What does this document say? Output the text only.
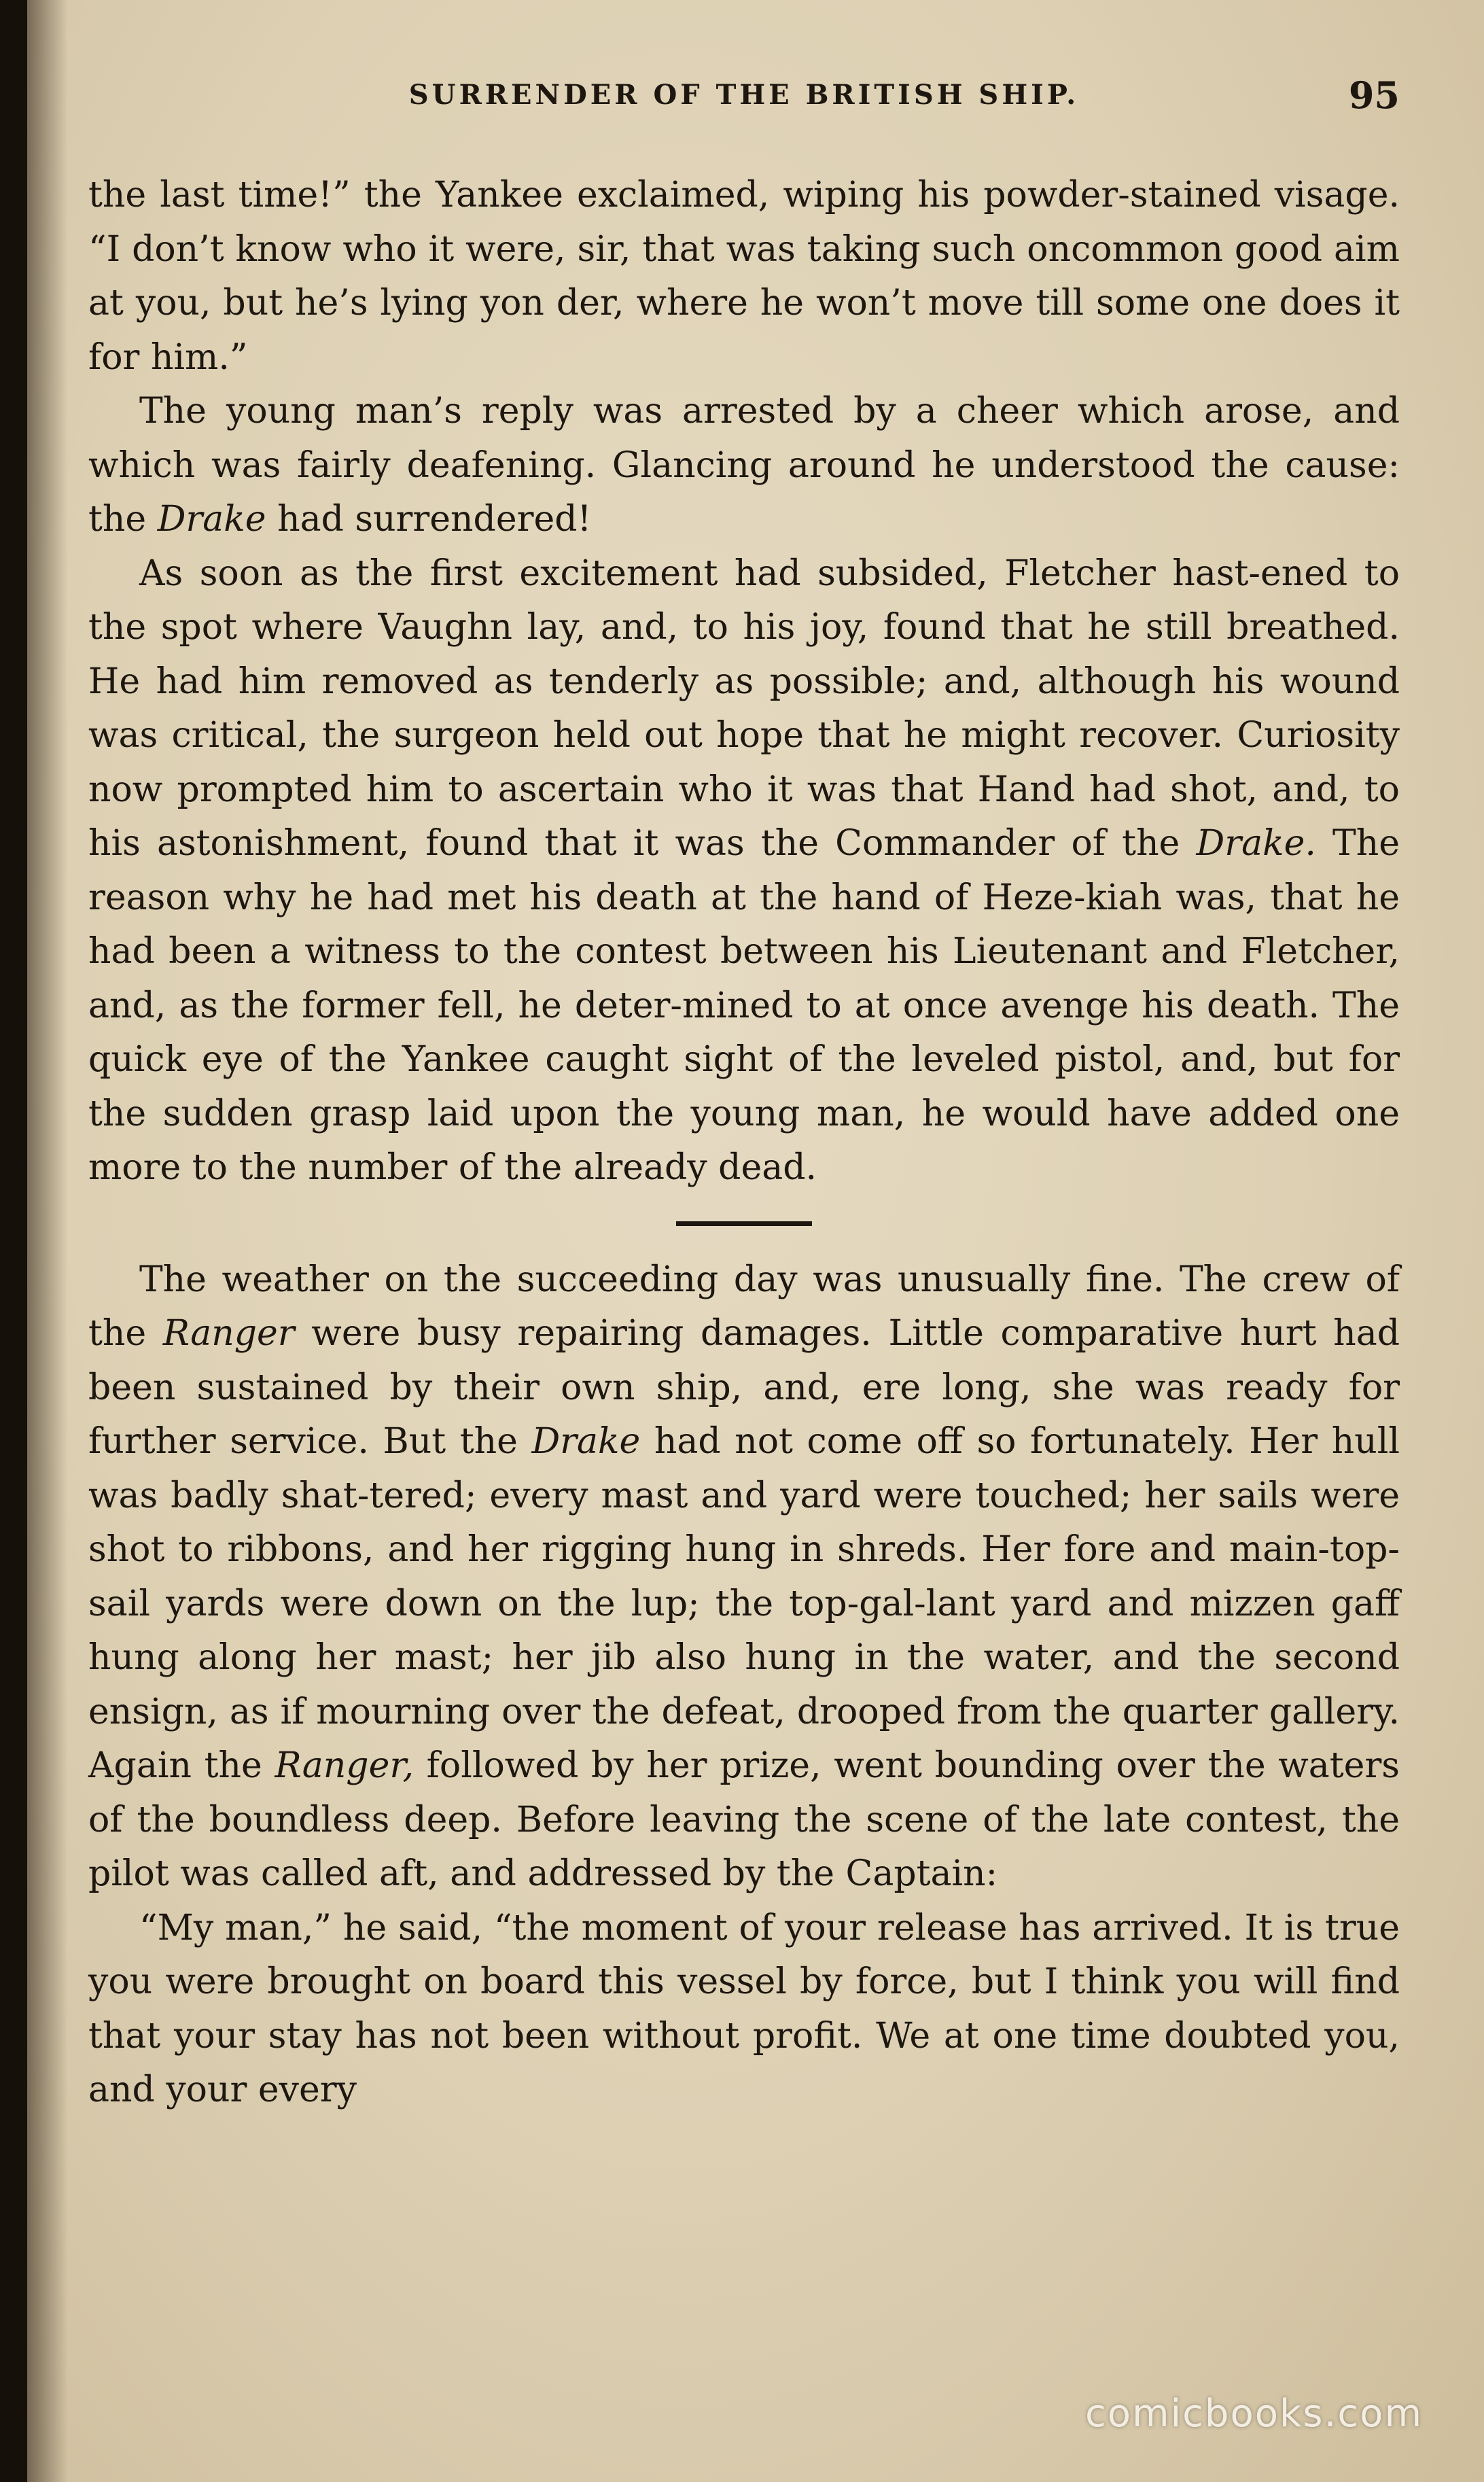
SURRENDER OF THE BRITISH SHIP.	95

the last time!” the Yankee exclaimed, wiping his powder-stained visage. “I don’t know who it were, sir, that was taking such oncommon good aim at you, but he’s lying yon der, where he won’t move till some one does it for him.”

The young man’s reply was arrested by a cheer which arose, and which was fairly deafening. Glancing around he understood the cause: the Drake had surrendered!

As soon as the first excitement had subsided, Fletcher hast-ened to the spot where Vaughn lay, and, to his joy, found that he still breathed. He had him removed as tenderly as possible; and, although his wound was critical, the surgeon held out hope that he might recover. Curiosity now prompted him to ascertain who it was that Hand had shot, and, to his astonishment, found that it was the Commander of the Drake. The reason why he had met his death at the hand of Heze-kiah was, that he had been a witness to the contest between his Lieutenant and Fletcher, and, as the former fell, he deter-mined to at once avenge his death. The quick eye of the Yankee caught sight of the leveled pistol, and, but for the sudden grasp laid upon the young man, he would have added one more to the number of the already dead.

The weather on the succeeding day was unusually fine. The crew of the Ranger were busy repairing damages. Little comparative hurt had been sustained by their own ship, and, ere long, she was ready for further service. But the Drake had not come off so fortunately. Her hull was badly shat-tered; every mast and yard were touched; her sails were shot to ribbons, and her rigging hung in shreds. Her fore and main-top-sail yards were down on the lup; the top-gal-lant yard and mizzen gaff hung along her mast; her jib also hung in the water, and the second ensign, as if mourning over the defeat, drooped from the quarter gallery. Again the Ranger, followed by her prize, went bounding over the waters of the boundless deep. Before leaving the scene of the late contest, the pilot was called aft, and addressed by the Captain:

“My man,” he said, “the moment of your release has arrived. It is true you were brought on board this vessel by force, but I think you will find that your stay has not been without profit. We at one time doubted you, and your every

comicbooks.com
